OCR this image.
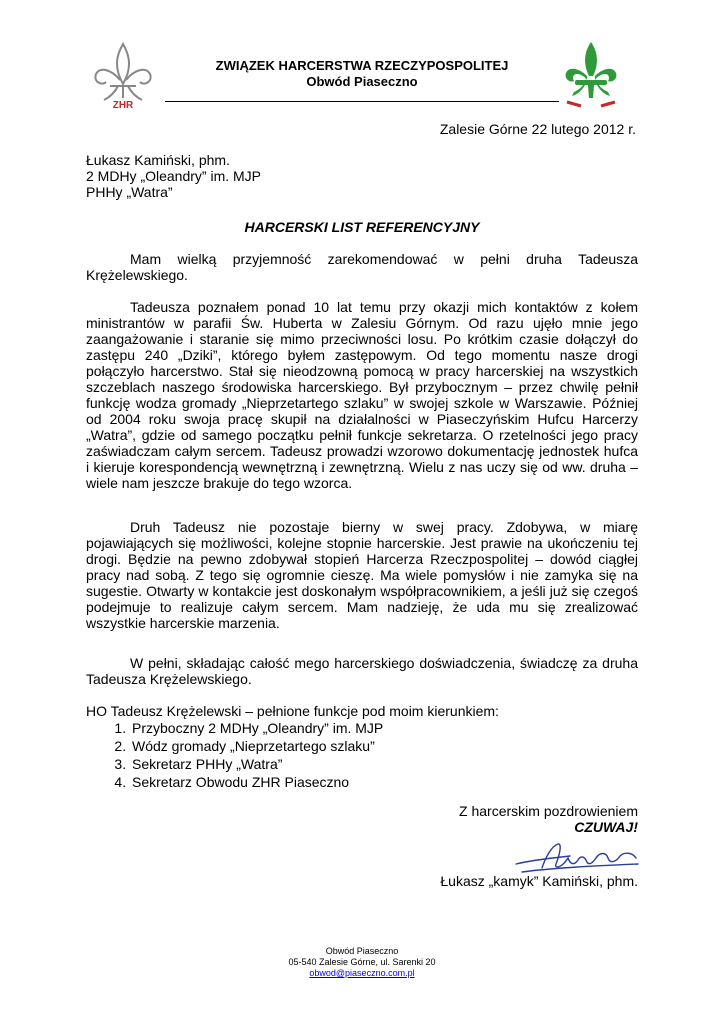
ZHR
ZWIĄZEK HARCERSTWA RZECZYPOSPOLITEJ
Obwód Piaseczno
Zalesie Górne 22 lutego 2012 r.
Łukasz Kamiński, phm.
2 MDHy „Oleandry” im. MJP
PHHy „Watra”
HARCERSKI LIST REFERENCYJNY

Mam wielką przyjemność zarekomendować w pełni druha Tadeusza Krężelewskiego.

Tadeusza poznałem ponad 10 lat temu przy okazji mich kontaktów z kołem ministrantów w parafii Św. Huberta w Zalesiu Górnym. Od razu ujęło mnie jego zaangażowanie i staranie się mimo przeciwności losu. Po krótkim czasie dołączył do zastępu 240 „Dziki”, którego byłem zastępowym. Od tego momentu nasze drogi połączyło harcerstwo. Stał się nieodzowną pomocą w pracy harcerskiej na wszystkich szczeblach naszego środowiska harcerskiego. Był przybocznym – przez chwilę pełnił funkcję wodza gromady „Nieprzetartego szlaku” w swojej szkole w Warszawie. Później od 2004 roku swoja pracę skupił na działalności w Piaseczyńskim Hufcu Harcerzy „Watra”, gdzie od samego początku pełnił funkcje sekretarza. O rzetelności jego pracy zaświadczam całym sercem. Tadeusz prowadzi wzorowo dokumentację jednostek hufca i kieruje korespondencją wewnętrzną i zewnętrzną. Wielu z nas uczy się od ww. druha – wiele nam jeszcze brakuje do tego wzorca.

Druh Tadeusz nie pozostaje bierny w swej pracy. Zdobywa, w miarę pojawiających się możliwości, kolejne stopnie harcerskie. Jest prawie na ukończeniu tej drogi. Będzie na pewno zdobywał stopień Harcerza Rzeczpospolitej – dowód ciągłej pracy nad sobą. Z tego się ogromnie cieszę. Ma wiele pomysłów i nie zamyka się na sugestie. Otwarty w kontakcie jest doskonałym współpracownikiem, a jeśli już się czegoś podejmuje to realizuje całym sercem. Mam nadzieję, że uda mu się zrealizować wszystkie harcerskie marzenia.

W pełni, składając całość mego harcerskiego doświadczenia, świadczę za druha Tadeusza Krężelewskiego.

HO Tadeusz Krężelewski – pełnione funkcje pod moim kierunkiem:
1. Przyboczny 2 MDHy „Oleandry” im. MJP
2. Wódz gromady „Nieprzetartego szlaku”
3. Sekretarz PHHy „Watra”
4. Sekretarz Obwodu ZHR Piaseczno
Z harcerskim pozdrowieniem
CZUWAJ!
Łukasz „kamyk” Kamiński, phm.
Obwód Piaseczno
05-540 Zalesie Górne, ul. Sarenki 20
obwod@piaseczno.com.pl
